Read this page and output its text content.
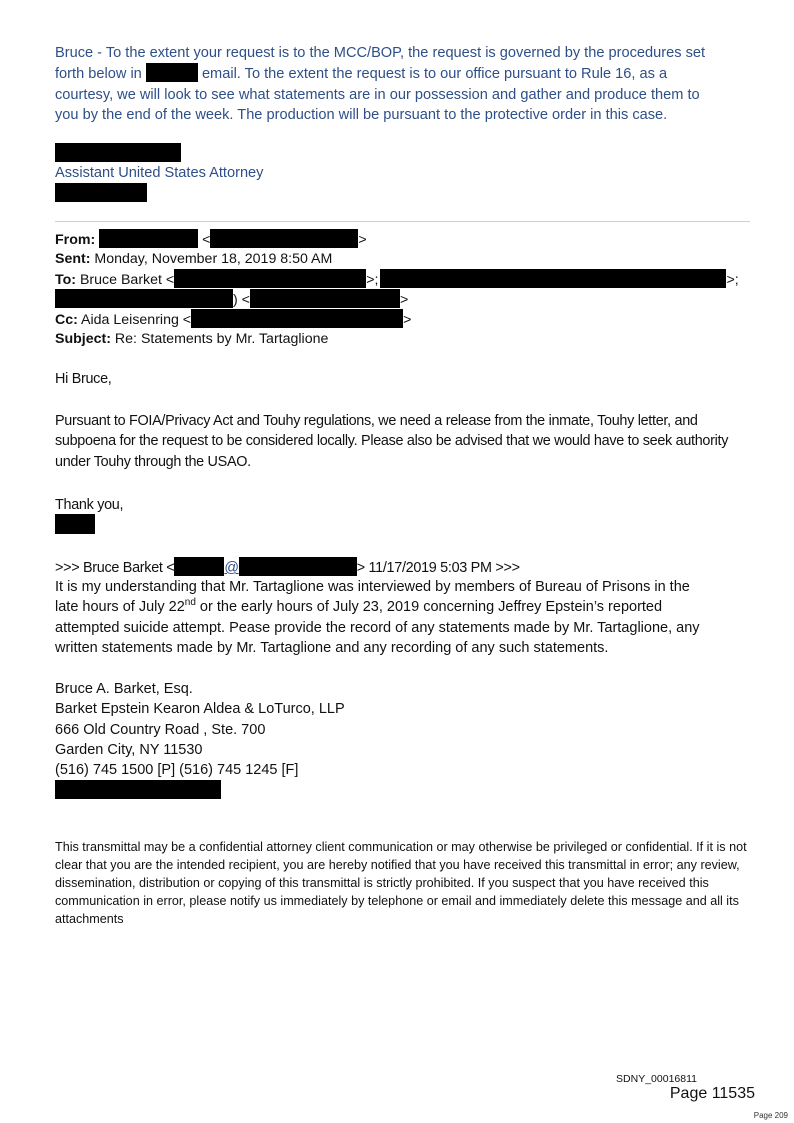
Bruce - To the extent your request is to the MCC/BOP, the request is governed by the procedures set
forth below in	email. To the extent the request is to our office pursuant to Rule 16, as a
courtesy, we will look to see what statements are in our possession and gather and produce them to
you by the end of the week. The production will be pursuant to the protective order in this case.
Assistant United States Attorney
From:	<	>
Sent: Monday, November 18, 2019 8:50 AM
To: Bruce Barket <	>;	>;
) <	>
Cc: Aida Leisenring <	>
Subject: Re: Statements by Mr. Tartaglione
Hi Bruce,
Pursuant to FOIA/Privacy Act and Touhy regulations, we need a release from the inmate, Touhy letter, and subpoena for the request to be considered locally. Please also be advised that we would have to seek authority under Touhy through the USAO.
Thank you,
>>> Bruce Barket <	@	> 11/17/2019 5:03 PM >>>
It is my understanding that Mr. Tartaglione was interviewed by members of Bureau of Prisons in the
late hours of July 22nd or the early hours of July 23, 2019 concerning Jeffrey Epstein’s reported
attempted suicide attempt. Pease provide the record of any statements made by Mr. Tartaglione, any
written statements made by Mr. Tartaglione and any recording of any such statements.
Bruce A. Barket, Esq.
Barket Epstein Kearon Aldea & LoTurco, LLP
666 Old Country Road , Ste. 700
Garden City, NY 11530
(516) 745 1500 [P] (516) 745 1245 [F]
This transmittal may be a confidential attorney client communication or may otherwise be privileged or confidential. If it is not clear that you are the intended recipient, you are hereby notified that you have received this transmittal in error; any review, dissemination, distribution or copying of this transmittal is strictly prohibited. If you suspect that you have received this communication in error, please notify us immediately by telephone or email and immediately delete this message and all its attachments
SDNY_00016811
Page 11535
Page 209
